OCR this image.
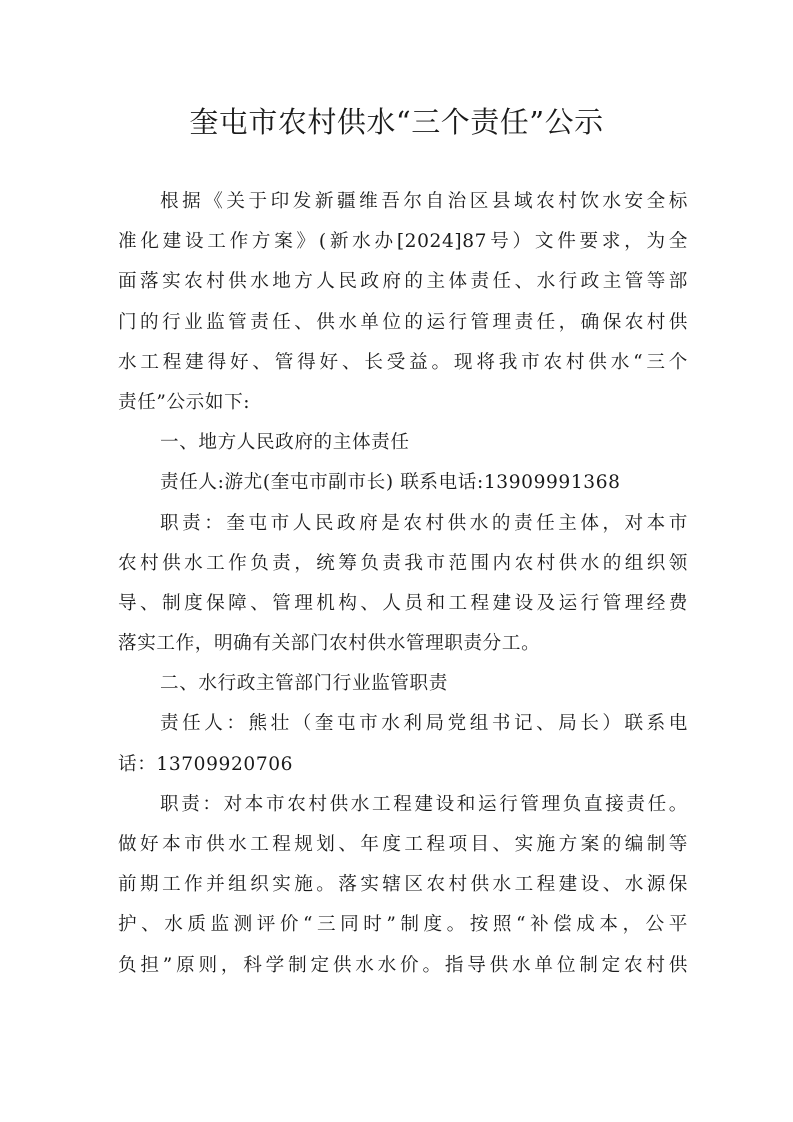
奎屯市农村供水“三个责任”公示
根据《关于印发新疆维吾尔自治区县域农村饮水安全标
准化建设工作方案》(新水办[2024]87号）文件要求，为全
面落实农村供水地方人民政府的主体责任、水行政主管等部
门的行业监管责任、供水单位的运行管理责任，确保农村供
水工程建得好、管得好、长受益。现将我市农村供水“三个
责任”公示如下:
一、地方人民政府的主体责任
责任人:游尤(奎屯市副市长) 联系电话:13909991368
职责：奎屯市人民政府是农村供水的责任主体，对本市
农村供水工作负责，统筹负责我市范围内农村供水的组织领
导、制度保障、管理机构、人员和工程建设及运行管理经费
落实工作，明确有关部门农村供水管理职责分工。
二、水行政主管部门行业监管职责
责任人：熊壮（奎屯市水利局党组书记、局长）联系电
话：13709920706
职责：对本市农村供水工程建设和运行管理负直接责任。
做好本市供水工程规划、年度工程项目、实施方案的编制等
前期工作并组织实施。落实辖区农村供水工程建设、水源保
护、水质监测评价“三同时”制度。按照“补偿成本，公平
负担”原则，科学制定供水水价。指导供水单位制定农村供
